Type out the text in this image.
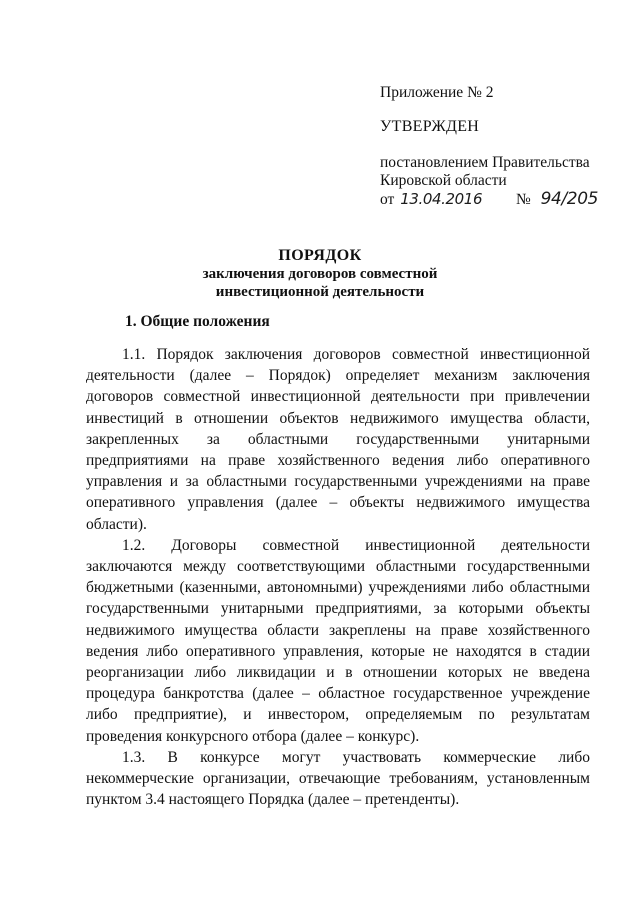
Приложение № 2

УТВЕРЖДЕН

постановлением Правительства

Кировской области

от 13.04.2016 № 94/205

ПОРЯДОК
заключения договоров совместной
инвестиционной деятельности
1. Общие положения

1.1. Порядок заключения договоров совместной инвестиционной деятельности (далее – Порядок) определяет механизм заключения договоров совместной инвестиционной деятельности при привлечении инвестиций в отношении объектов недвижимого имущества области, закрепленных за областными государственными унитарными предприятиями на праве хозяйственного ведения либо оперативного управления и за областными государственными учреждениями на праве оперативного управления (далее – объекты недвижимого имущества области).

1.2. Договоры совместной инвестиционной деятельности заключаются между соответствующими областными государственными бюджетными (казенными, автономными) учреждениями либо областными государственными унитарными предприятиями, за которыми объекты недвижимого имущества области закреплены на праве хозяйственного ведения либо оперативного управления, которые не находятся в стадии реорганизации либо ликвидации и в отношении которых не введена процедура банкротства (далее – областное государственное учреждение либо предприятие), и инвестором, определяемым по результатам проведения конкурсного отбора (далее – конкурс).

1.3. В конкурсе могут участвовать коммерческие либо некоммерческие организации, отвечающие требованиям, установленным пунктом 3.4 настоящего Порядка (далее – претенденты).
